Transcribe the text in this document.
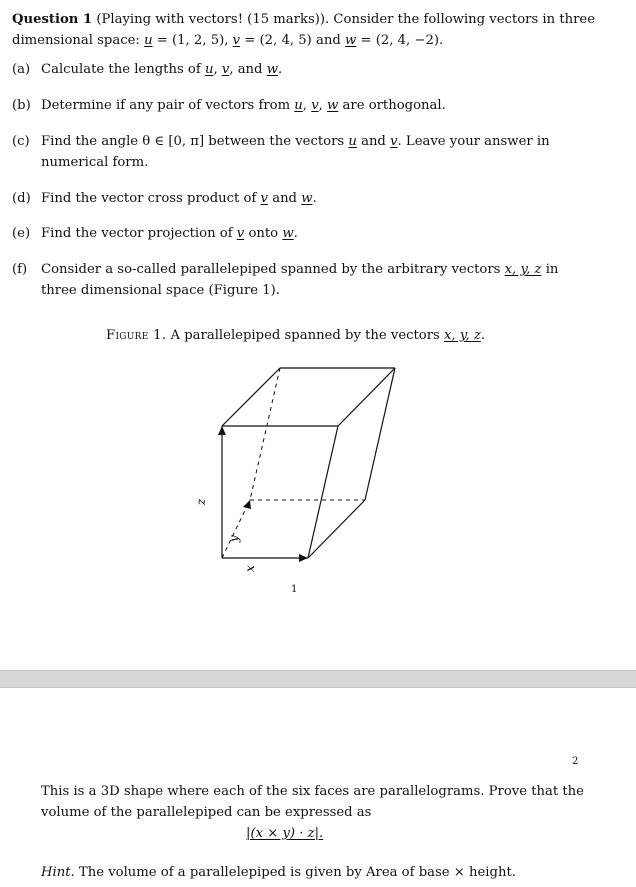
Question 1 (Playing with vectors! (15 marks)). Consider the following vectors in three
dimensional space: u = (1, 2, 5), v = (2, 4, 5) and w = (2, 4, −2).
(a) Calculate the lengths of u, v, and w.
(b) Determine if any pair of vectors from u, v, w are orthogonal.
(c) Find the angle θ ∈ [0, π] between the vectors u and v. Leave your answer in numerical form.
(d) Find the vector cross product of v and w.
(e) Find the vector projection of v onto w.
(f)	Consider a so-called parallelepiped spanned by the arbitrary vectors x, y, z in three dimensional space (Figure 1).
Figure 1. A parallelepiped spanned by the vectors x, y, z.
z
y
x
1
2
This is a 3D shape where each of the six faces are parallelograms. Prove that the
volume of the parallelepiped can be expressed as
|(x × y) · z|.
Hint. The volume of a parallelepiped is given by Area of base × height.
